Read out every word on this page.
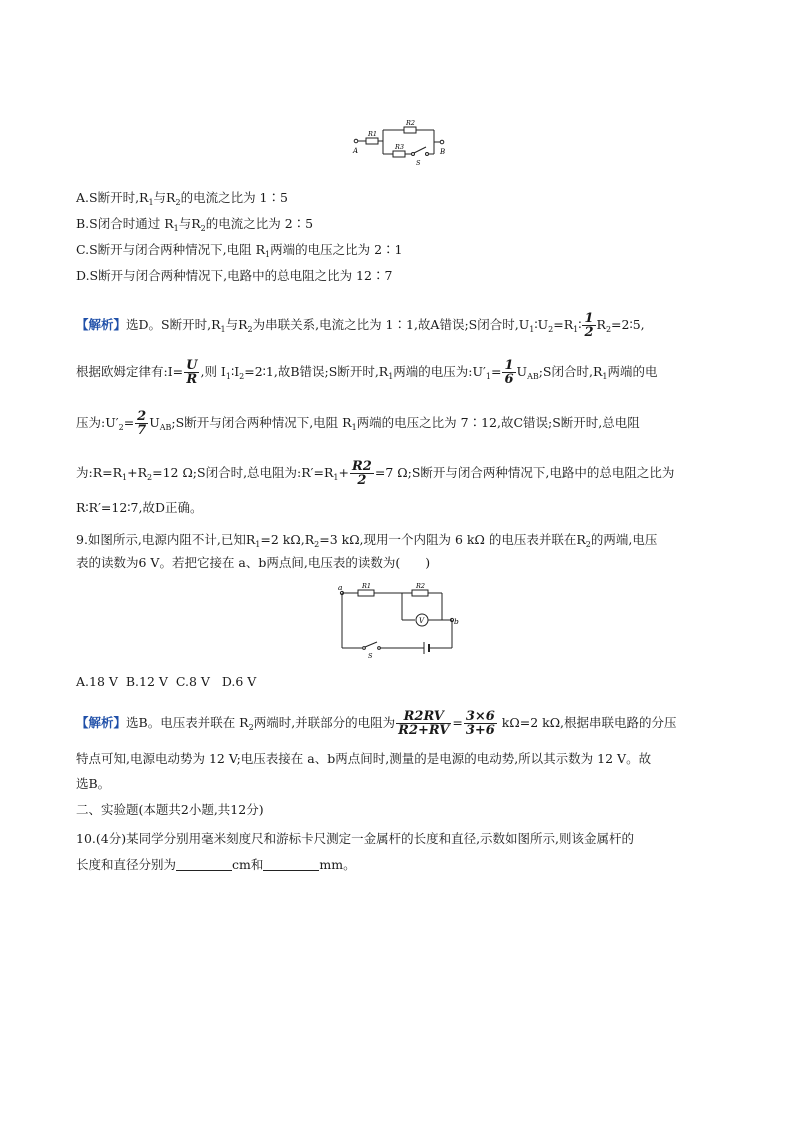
R1
R2
R3
A	B
S
A.S断开时$,R_1$与$R_2$的电流之比为 1∶5
B.S闭合时通过 $R_1$与$R_2$的电流之比为 2∶5
C.S断开与闭合两种情况下,电阻 $R_1$两端的电压之比为 2∶1
D.S断开与闭合两种情况下,电路中的总电阻之比为 12∶7
【解析】选D。S断开时$,R_1$与$R_2$为串联关系,电流之比为 1∶1,故A错误;S闭合时$,U_1∶U_2=R_1∶ \frac{1}{2}$ $R_2=2∶5$,
根据欧姆定律有:I= $\frac{U}{R}$ ,则 $I_1∶I_2=2∶1$,故B错误;S断开时$,R_1$两端的电压为$:U'_1= \frac{1}{6}$ $U_{AB};S$闭合时$,R_1$两端的电
压为$:U'_2= \frac{2}{7}$ $U_{AB};S$断开与闭合两种情况下,电阻 $R_1$两端的电压之比为 7∶12,故C错误;S断开时,总电阻
为$:R=R_1+R_2=12$ Ω;S闭合时,总电阻为$:R'=R_1+ \frac{R2}{2} =7$ Ω;S断开与闭合两种情况下,电路中的总电阻之比为
R∶R′=12∶7,故D正确。
9.如图所示,电源内阻不计,已知$R_1=2$ $k\Omega,R_2=3$ kΩ,现用一个内阻为 6 kΩ 的电压表并联在$R_2$的两端,电压
表的读数为6 V。若把它接在 a、b两点间,电压表的读数为(　　)
a
b
R1	R2
V
S
A.18 V  B.12 V  C.8 V   D.6 V
【解析】选B。电压表并联在 $R_2$两端时,并联部分的电阻为 $\frac{R2RV}{R2+RV} = \frac{3\times 6}{3+6} k\Omega=2$ kΩ,根据串联电路的分压
特点可知,电源电动势为 12 V;电压表接在 a、b两点间时,测量的是电源的电动势,所以其示数为 12 V。故
选B。
二、实验题(本题共2小题,共12分)
10.(4分)某同学分别用毫米刻度尺和游标卡尺测定一金属杆的长度和直径,示数如图所示,则该金属杆的
长度和直径分别为	cm和	mm。
